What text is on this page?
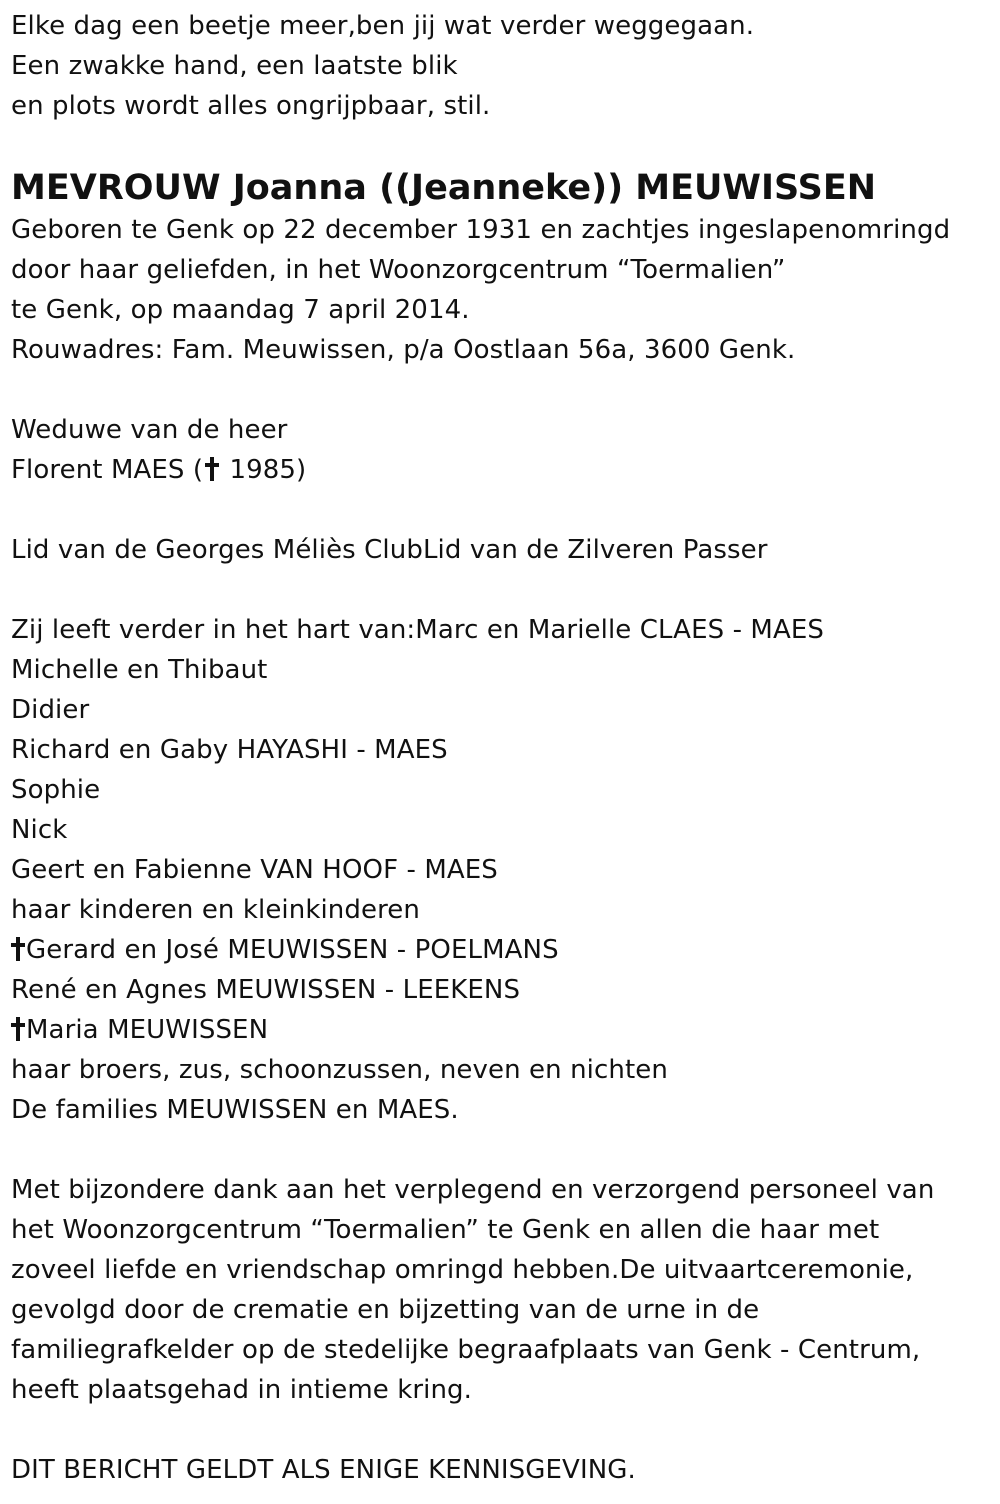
Elke dag een beetje meer,ben jij wat verder weggegaan.
Een zwakke hand, een laatste blik
en plots wordt alles ongrijpbaar, stil.
MEVROUW Joanna ((Jeanneke)) MEUWISSEN
Geboren te Genk op 22 december 1931 en zachtjes ingeslapenomringd
door haar geliefden, in het Woonzorgcentrum “Toermalien”
te Genk, op maandag 7 april 2014.
Rouwadres: Fam. Meuwissen, p/a Oostlaan 56a, 3600 Genk.
Weduwe van de heer
Florent MAES ( 1985)
Lid van de Georges Méliès ClubLid van de Zilveren Passer
Zij leeft verder in het hart van:Marc en Marielle CLAES - MAES
Michelle en Thibaut
Didier
Richard en Gaby HAYASHI - MAES
Sophie
Nick
Geert en Fabienne VAN HOOF - MAES
haar kinderen en kleinkinderen
Gerard en José MEUWISSEN - POELMANS
René en Agnes MEUWISSEN - LEEKENS
Maria MEUWISSEN
haar broers, zus, schoonzussen, neven en nichten
De families MEUWISSEN en MAES.
Met bijzondere dank aan het verplegend en verzorgend personeel van
het Woonzorgcentrum “Toermalien” te Genk en allen die haar met
zoveel liefde en vriendschap omringd hebben.De uitvaartceremonie,
gevolgd door de crematie en bijzetting van de urne in de
familiegrafkelder op de stedelijke begraafplaats van Genk - Centrum,
heeft plaatsgehad in intieme kring.
DIT BERICHT GELDT ALS ENIGE KENNISGEVING.
